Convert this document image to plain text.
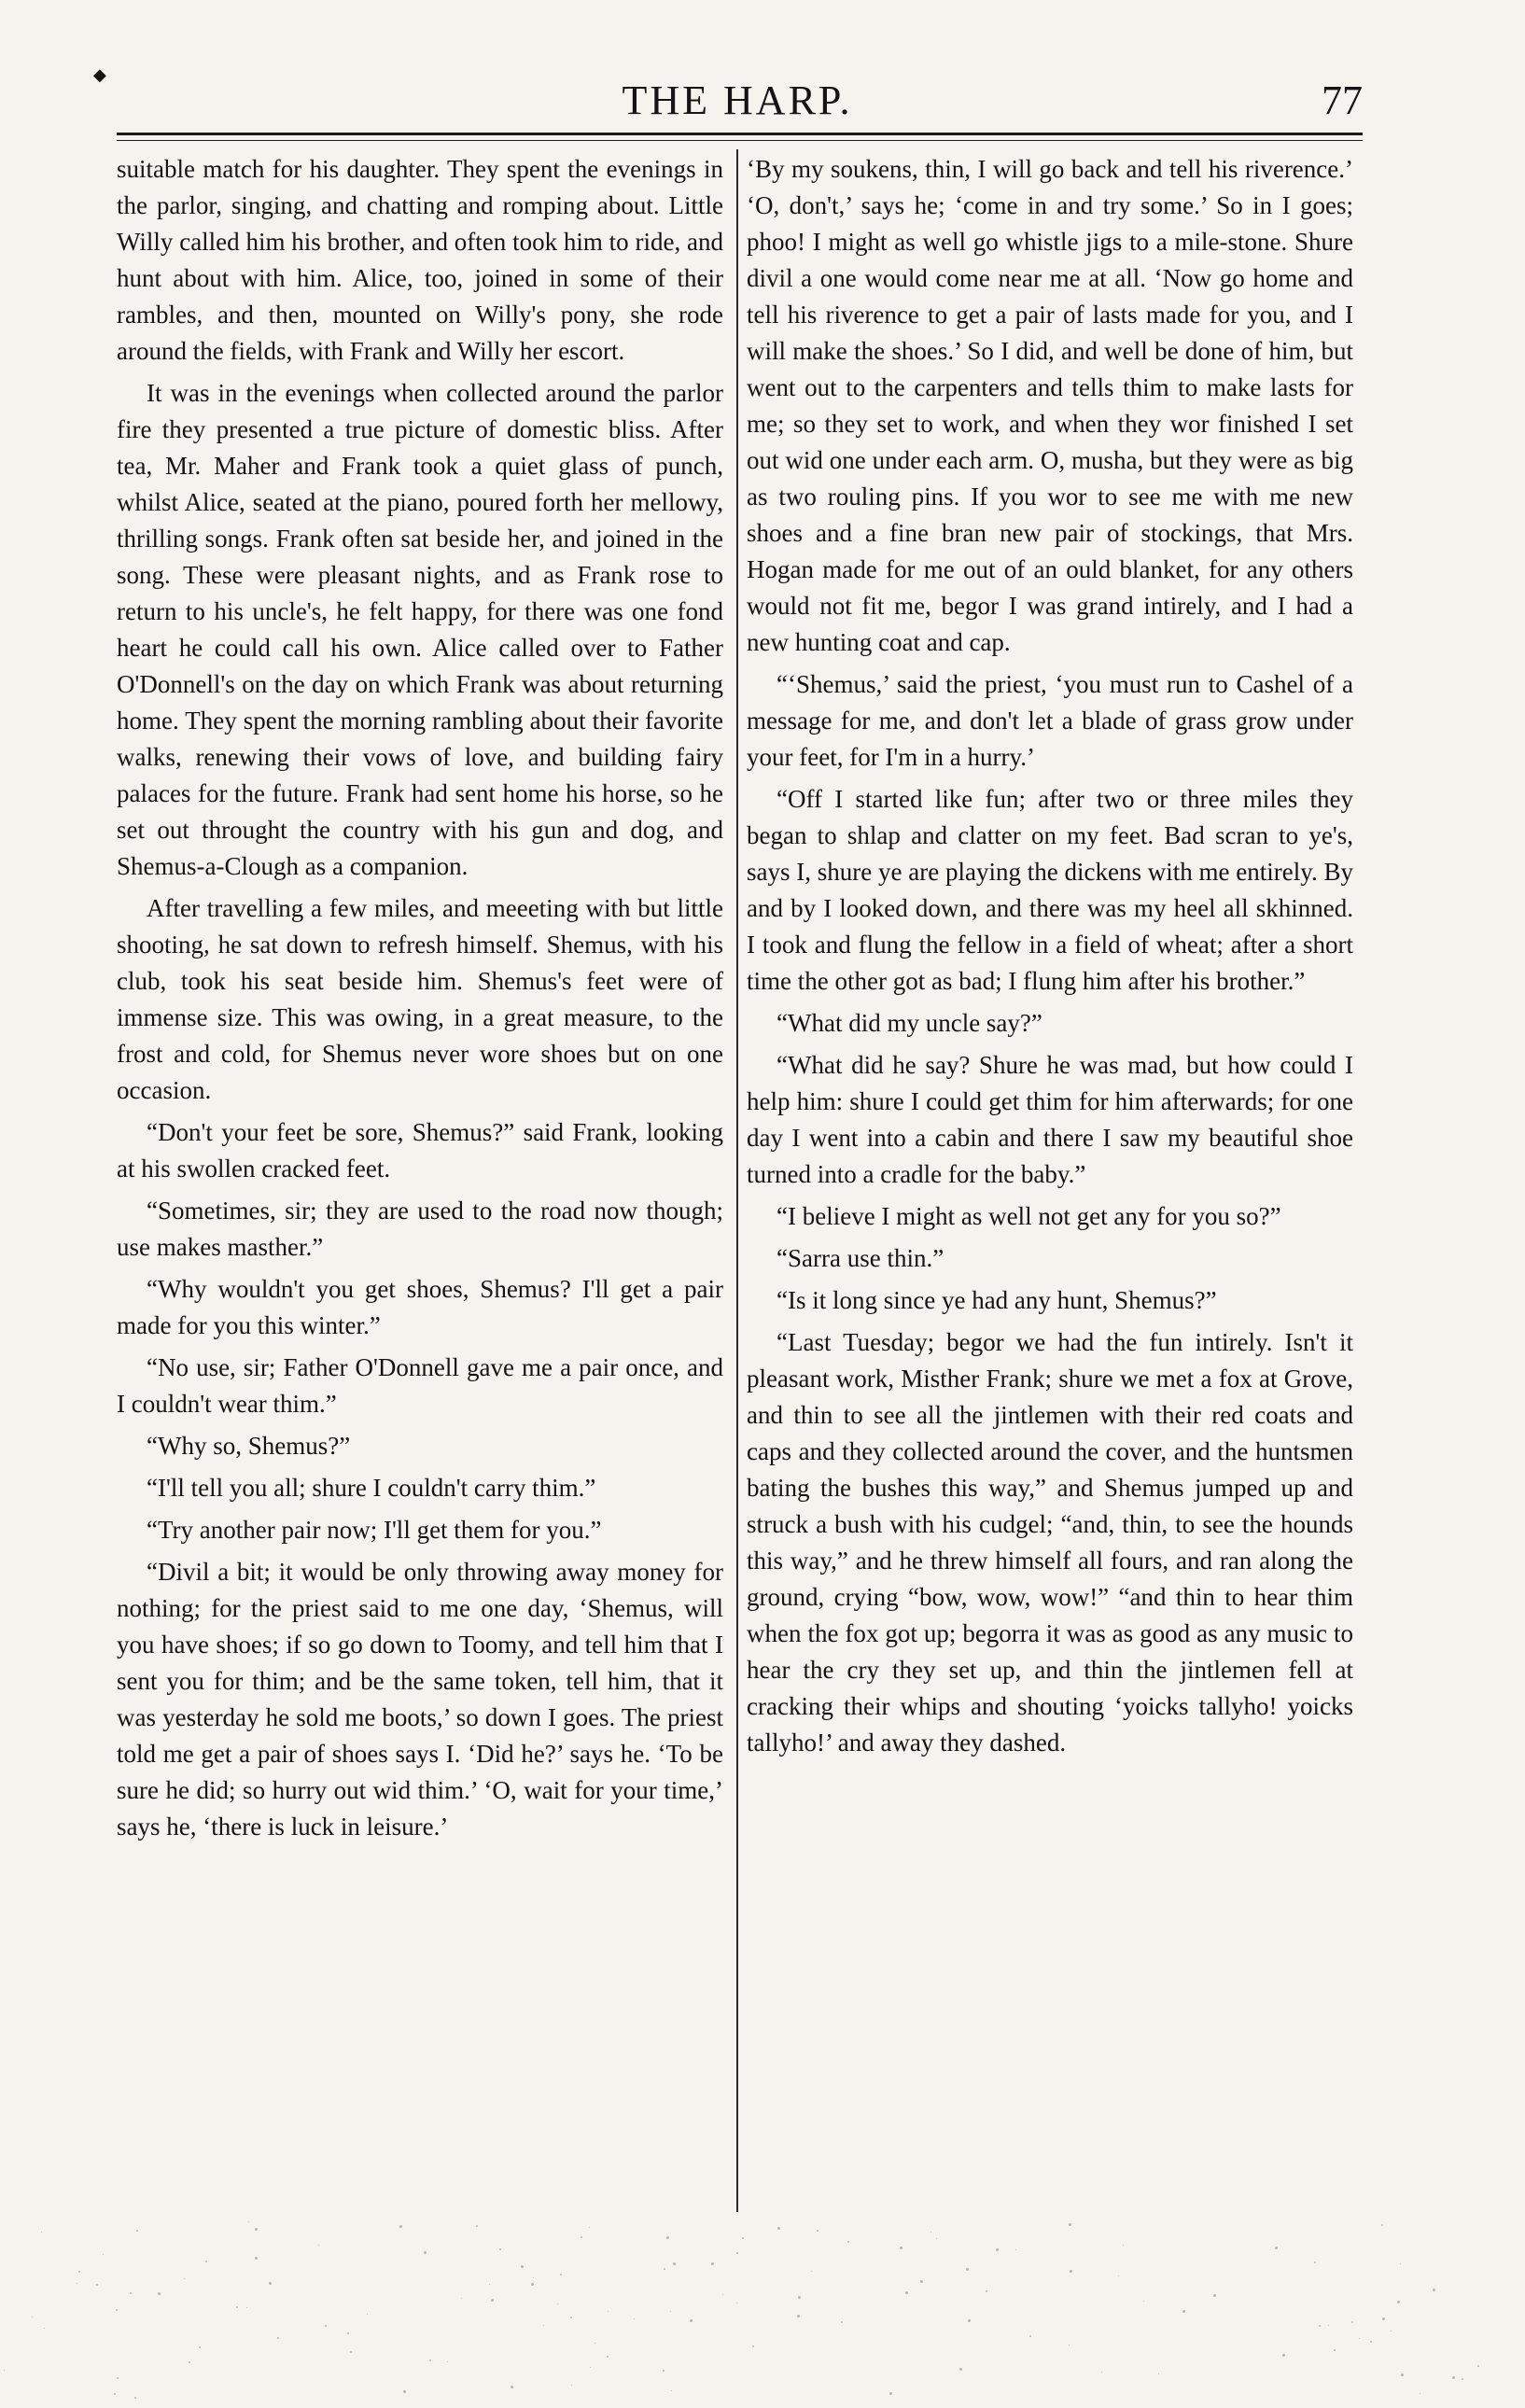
◆
THE HARP.	77

suitable match for his daughter. They spent the evenings in the parlor, singing, and chatting and romping about. Little Willy called him his brother, and often took him to ride, and hunt about with him. Alice, too, joined in some of their rambles, and then, mounted on Willy's pony, she rode around the fields, with Frank and Willy her escort.

It was in the evenings when collected around the parlor fire they presented a true picture of domestic bliss. After tea, Mr. Maher and Frank took a quiet glass of punch, whilst Alice, seated at the piano, poured forth her mellowy, thrilling songs. Frank often sat beside her, and joined in the song. These were pleasant nights, and as Frank rose to return to his uncle's, he felt happy, for there was one fond heart he could call his own. Alice called over to Father O'Donnell's on the day on which Frank was about returning home. They spent the morning rambling about their favorite walks, renewing their vows of love, and building fairy palaces for the future. Frank had sent home his horse, so he set out throught the country with his gun and dog, and Shemus-a-Clough as a companion.

After travelling a few miles, and meeeting with but little shooting, he sat down to refresh himself. Shemus, with his club, took his seat beside him. Shemus's feet were of immense size. This was owing, in a great measure, to the frost and cold, for Shemus never wore shoes but on one occasion.

“Don't your feet be sore, Shemus?” said Frank, looking at his swollen cracked feet.

“Sometimes, sir; they are used to the road now though; use makes masther.”

“Why wouldn't you get shoes, Shemus? I'll get a pair made for you this winter.”

“No use, sir; Father O'Donnell gave me a pair once, and I couldn't wear thim.”

“Why so, Shemus?”

“I'll tell you all; shure I couldn't carry thim.”

“Try another pair now; I'll get them for you.”

“Divil a bit; it would be only throwing away money for nothing; for the priest said to me one day, ‘Shemus, will you have shoes; if so go down to Toomy, and tell him that I sent you for thim; and be the same token, tell him, that it was yesterday he sold me boots,’ so down I goes. The priest told me get a pair of shoes says I. ‘Did he?’ says he. ‘To be sure he did; so hurry out wid thim.’ ‘O, wait for your time,’ says he, ‘there is luck in leisure.’

‘By my soukens, thin, I will go back and tell his riverence.’ ‘O, don't,’ says he; ‘come in and try some.’ So in I goes; phoo! I might as well go whistle jigs to a mile-stone. Shure divil a one would come near me at all. ‘Now go home and tell his riverence to get a pair of lasts made for you, and I will make the shoes.’ So I did, and well be done of him, but went out to the carpenters and tells thim to make lasts for me; so they set to work, and when they wor finished I set out wid one under each arm. O, musha, but they were as big as two rouling pins. If you wor to see me with me new shoes and a fine bran new pair of stockings, that Mrs. Hogan made for me out of an ould blanket, for any others would not fit me, begor I was grand intirely, and I had a new hunting coat and cap.

“‘Shemus,’ said the priest, ‘you must run to Cashel of a message for me, and don't let a blade of grass grow under your feet, for I'm in a hurry.’

“Off I started like fun; after two or three miles they began to shlap and clatter on my feet. Bad scran to ye's, says I, shure ye are playing the dickens with me entirely. By and by I looked down, and there was my heel all skhinned. I took and flung the fellow in a field of wheat; after a short time the other got as bad; I flung him after his brother.”

“What did my uncle say?”

“What did he say? Shure he was mad, but how could I help him: shure I could get thim for him afterwards; for one day I went into a cabin and there I saw my beautiful shoe turned into a cradle for the baby.”

“I believe I might as well not get any for you so?”

“Sarra use thin.”

“Is it long since ye had any hunt, Shemus?”

“Last Tuesday; begor we had the fun intirely. Isn't it pleasant work, Misther Frank; shure we met a fox at Grove, and thin to see all the jintlemen with their red coats and caps and they collected around the cover, and the huntsmen bating the bushes this way,” and Shemus jumped up and struck a bush with his cudgel; “and, thin, to see the hounds this way,” and he threw himself all fours, and ran along the ground, crying “bow, wow, wow!” “and thin to hear thim when the fox got up; begorra it was as good as any music to hear the cry they set up, and thin the jintlemen fell at cracking their whips and shouting ‘yoicks tallyho! yoicks tallyho!’ and away they dashed.
